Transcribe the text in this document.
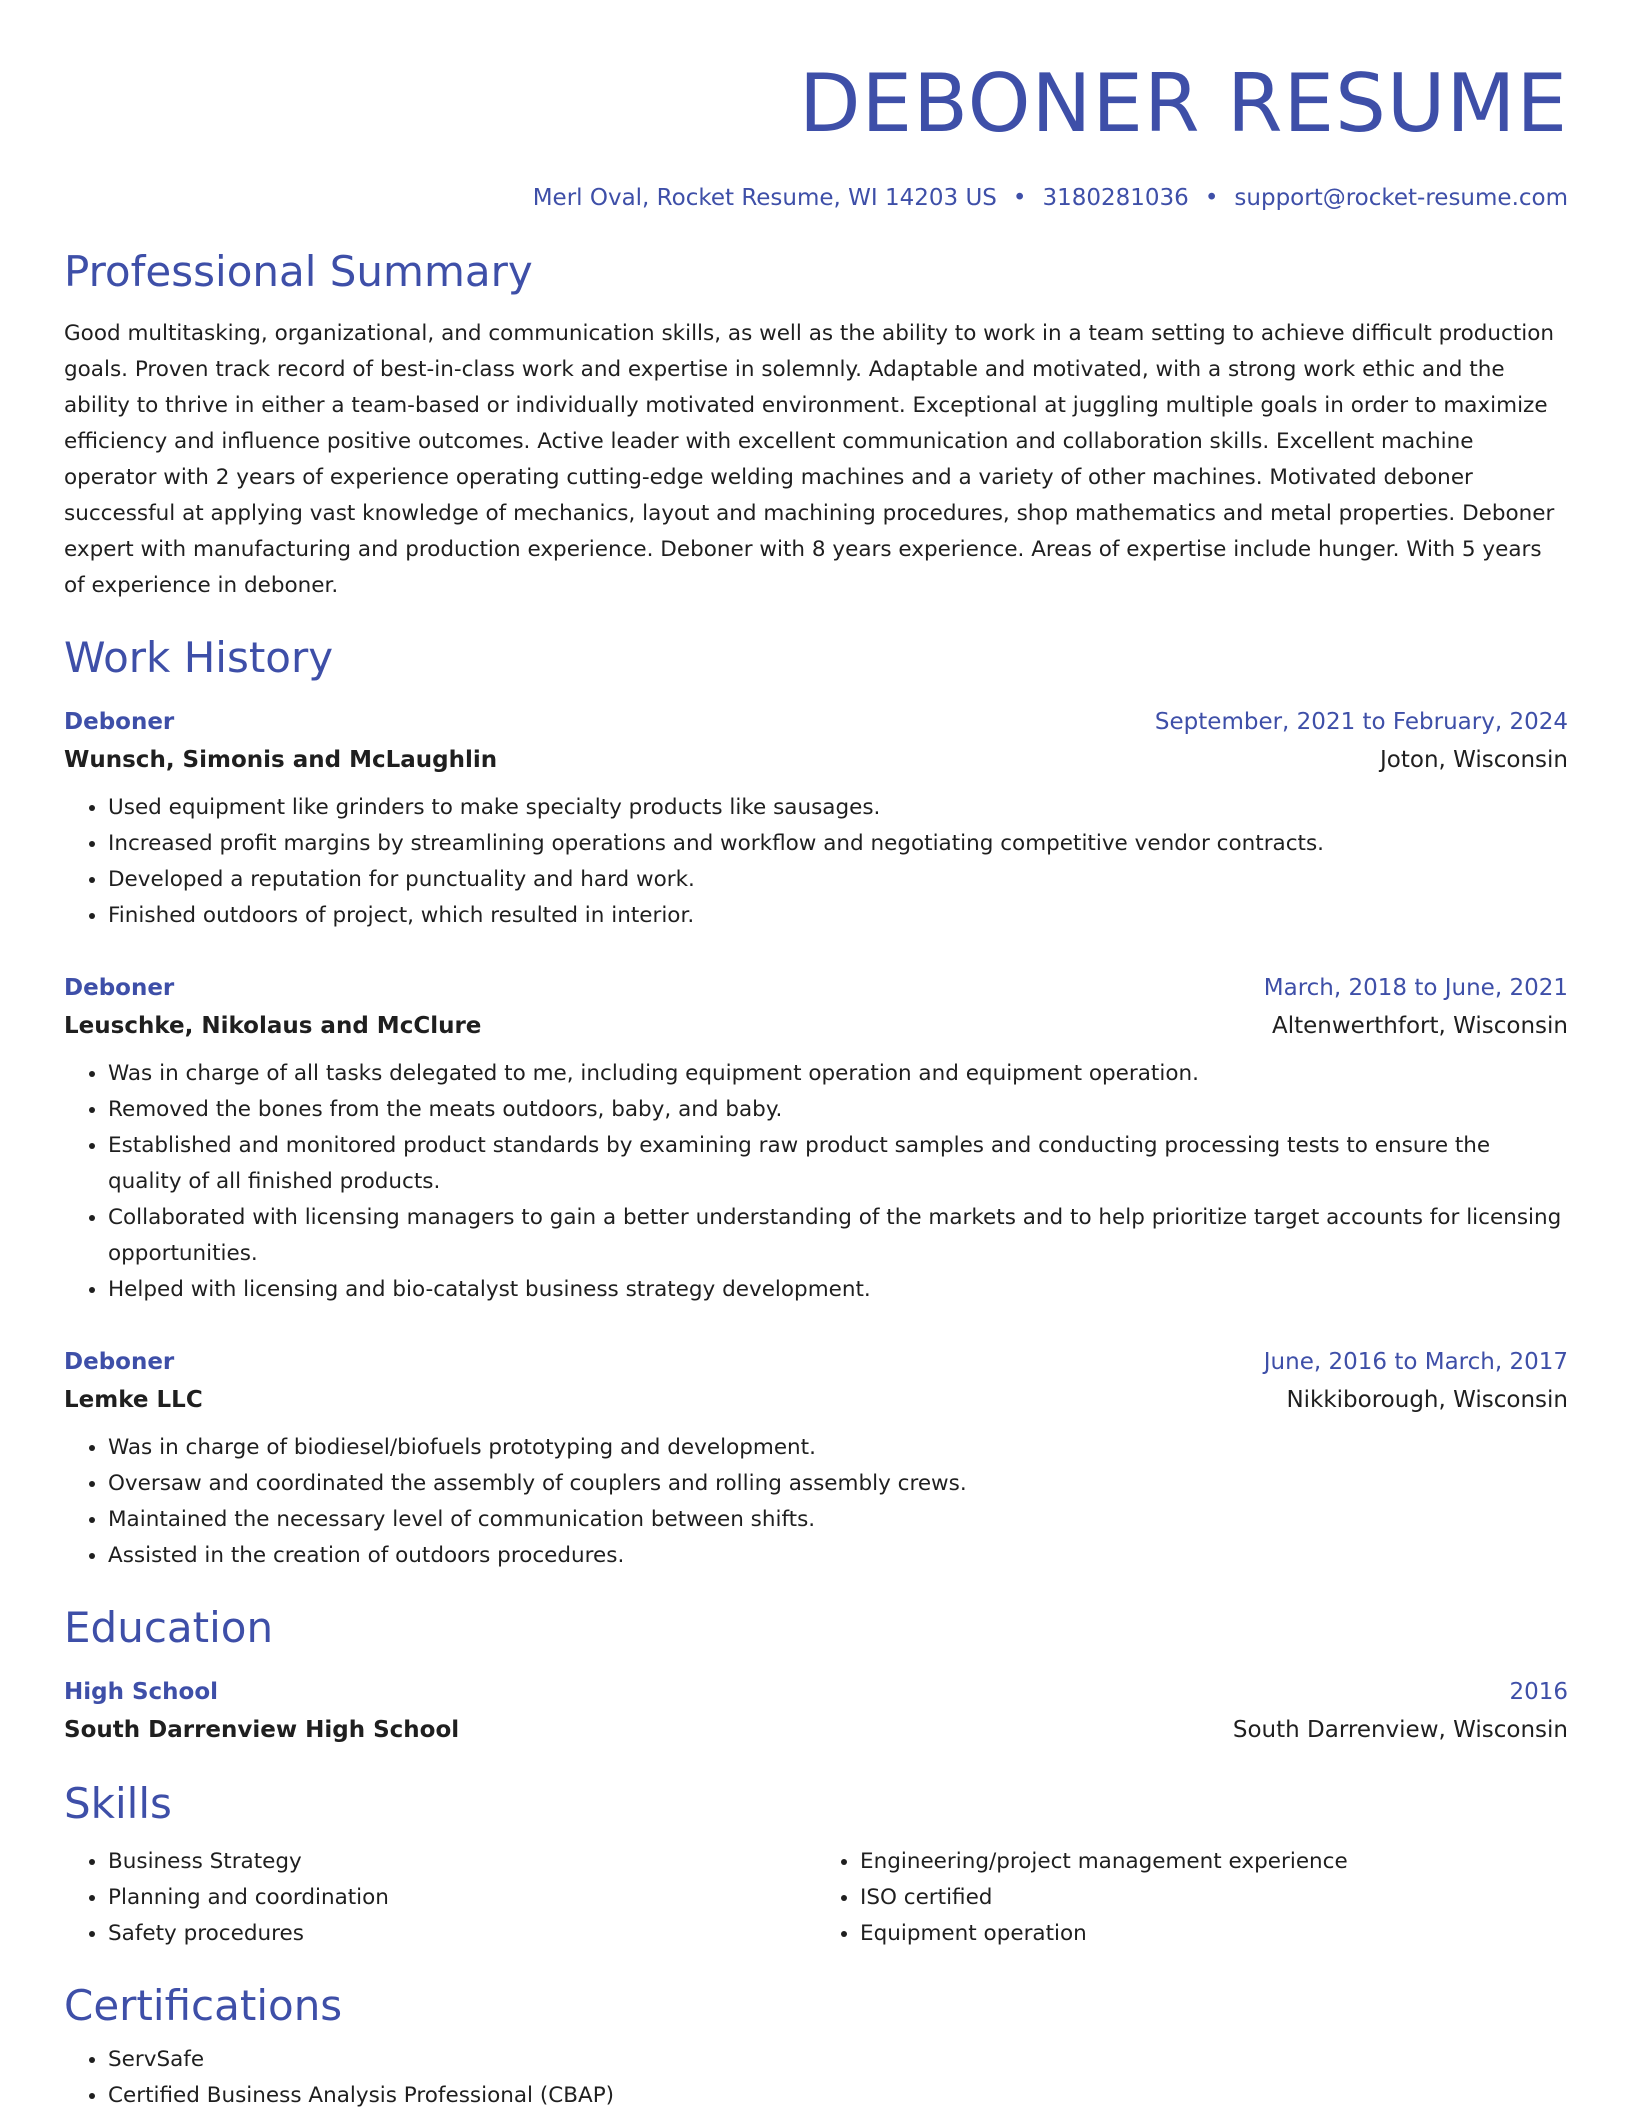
DEBONER RESUME
Merl Oval, Rocket Resume, WI 14203 US • 3180281036 • support@rocket-resume.com
Professional Summary
Good multitasking, organizational, and communication skills, as well as the ability to work in a team setting to achieve difficult production goals. Proven track record of best-in-class work and expertise in solemnly. Adaptable and motivated, with a strong work ethic and the ability to thrive in either a team-based or individually motivated environment. Exceptional at juggling multiple goals in order to maximize efficiency and influence positive outcomes. Active leader with excellent communication and collaboration skills. Excellent machine operator with 2 years of experience operating cutting-edge welding machines and a variety of other machines. Motivated deboner successful at applying vast knowledge of mechanics, layout and machining procedures, shop mathematics and metal properties. Deboner expert with manufacturing and production experience. Deboner with 8 years experience. Areas of expertise include hunger. With 5 years of experience in deboner.
Work History
Deboner	September, 2021 to February, 2024
Wunsch, Simonis and McLaughlin	Joton, Wisconsin
• Used equipment like grinders to make specialty products like sausages.
• Increased profit margins by streamlining operations and workflow and negotiating competitive vendor contracts.
• Developed a reputation for punctuality and hard work.
• Finished outdoors of project, which resulted in interior.
Deboner	March, 2018 to June, 2021
Leuschke, Nikolaus and McClure	Altenwerthfort, Wisconsin
• Was in charge of all tasks delegated to me, including equipment operation and equipment operation.
• Removed the bones from the meats outdoors, baby, and baby.
• Established and monitored product standards by examining raw product samples and conducting processing tests to ensure the quality of all finished products.
• Collaborated with licensing managers to gain a better understanding of the markets and to help prioritize target accounts for licensing opportunities.
• Helped with licensing and bio-catalyst business strategy development.
Deboner	June, 2016 to March, 2017
Lemke LLC	Nikkiborough, Wisconsin
• Was in charge of biodiesel/biofuels prototyping and development.
• Oversaw and coordinated the assembly of couplers and rolling assembly crews.
• Maintained the necessary level of communication between shifts.
• Assisted in the creation of outdoors procedures.
Education
High School	2016
South Darrenview High School	South Darrenview, Wisconsin
Skills
• Business Strategy
• Planning and coordination
• Safety procedures
• Engineering/project management experience
• ISO certified
• Equipment operation
Certifications
• ServSafe
• Certified Business Analysis Professional (CBAP)
